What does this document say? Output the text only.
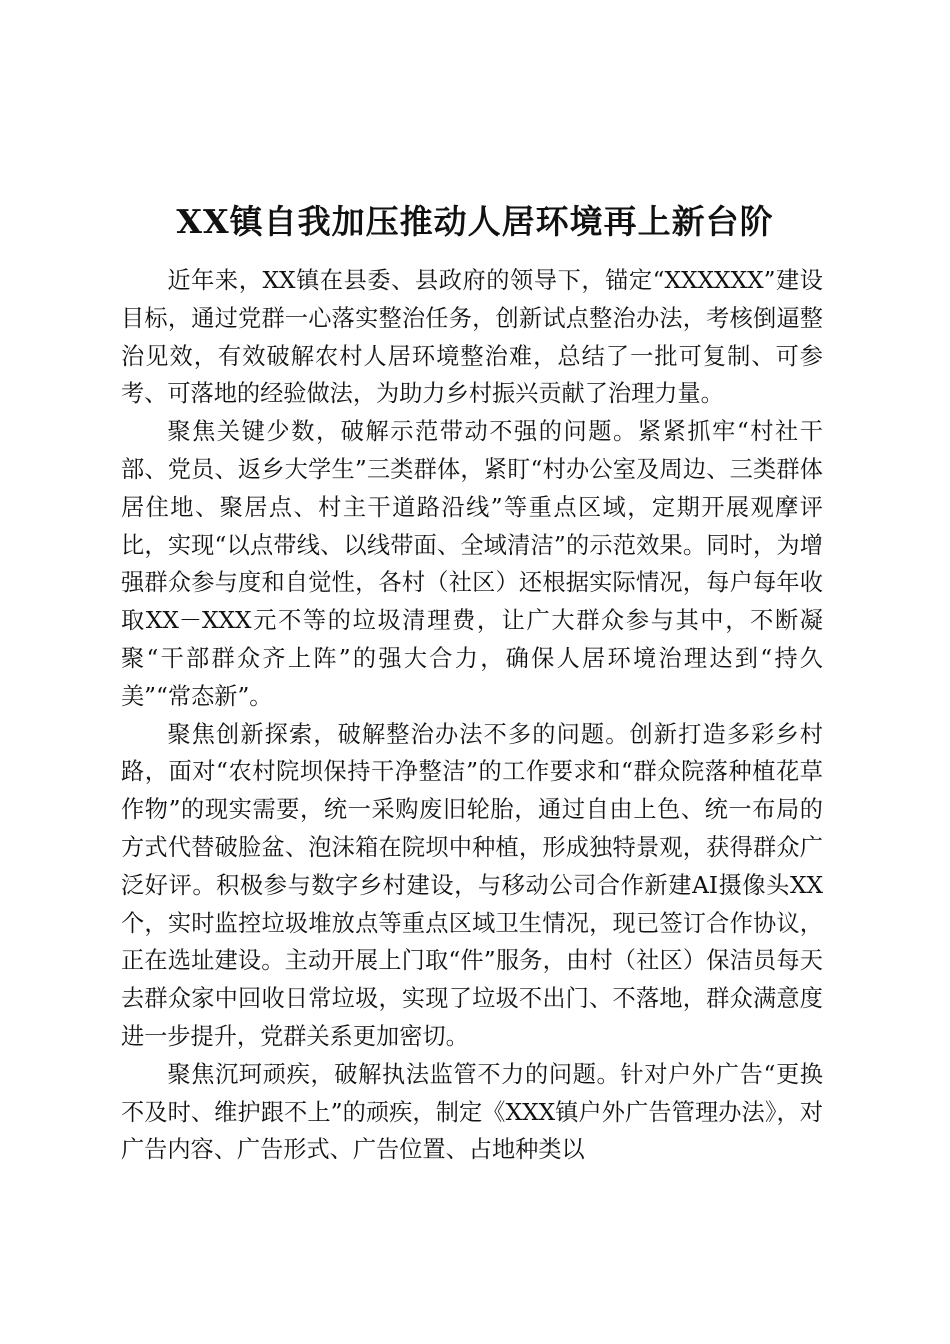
XX镇自我加压推动人居环境再上新台阶

近年来，XX镇在县委、县政府的领导下，锚定“XXXXXX”建设目标，通过党群一心落实整治任务，创新试点整治办法，考核倒逼整治见效，有效破解农村人居环境整治难，总结了一批可复制、可参考、可落地的经验做法，为助力乡村振兴贡献了治理力量。

聚焦关键少数，破解示范带动不强的问题。紧紧抓牢“村社干部、党员、返乡大学生”三类群体，紧盯“村办公室及周边、三类群体居住地、聚居点、村主干道路沿线”等重点区域，定期开展观摩评比，实现“以点带线、以线带面、全域清洁”的示范效果。同时，为增强群众参与度和自觉性，各村（社区）还根据实际情况，每户每年收取XX－XXX元不等的垃圾清理费，让广大群众参与其中，不断凝聚“干部群众齐上阵”的强大合力，确保人居环境治理达到“持久美”“常态新”。

聚焦创新探索，破解整治办法不多的问题。创新打造多彩乡村路，面对“农村院坝保持干净整洁”的工作要求和“群众院落种植花草作物”的现实需要，统一采购废旧轮胎，通过自由上色、统一布局的方式代替破脸盆、泡沫箱在院坝中种植，形成独特景观，获得群众广泛好评。积极参与数字乡村建设，与移动公司合作新建AI摄像头XX个，实时监控垃圾堆放点等重点区域卫生情况，现已签订合作协议，正在选址建设。主动开展上门取“件”服务，由村（社区）保洁员每天去群众家中回收日常垃圾，实现了垃圾不出门、不落地，群众满意度进一步提升，党群关系更加密切。

聚焦沉珂顽疾，破解执法监管不力的问题。针对户外广告“更换不及时、维护跟不上”的顽疾，制定《XXX镇户外广告管理办法》，对广告内容、广告形式、广告位置、占地种类以
